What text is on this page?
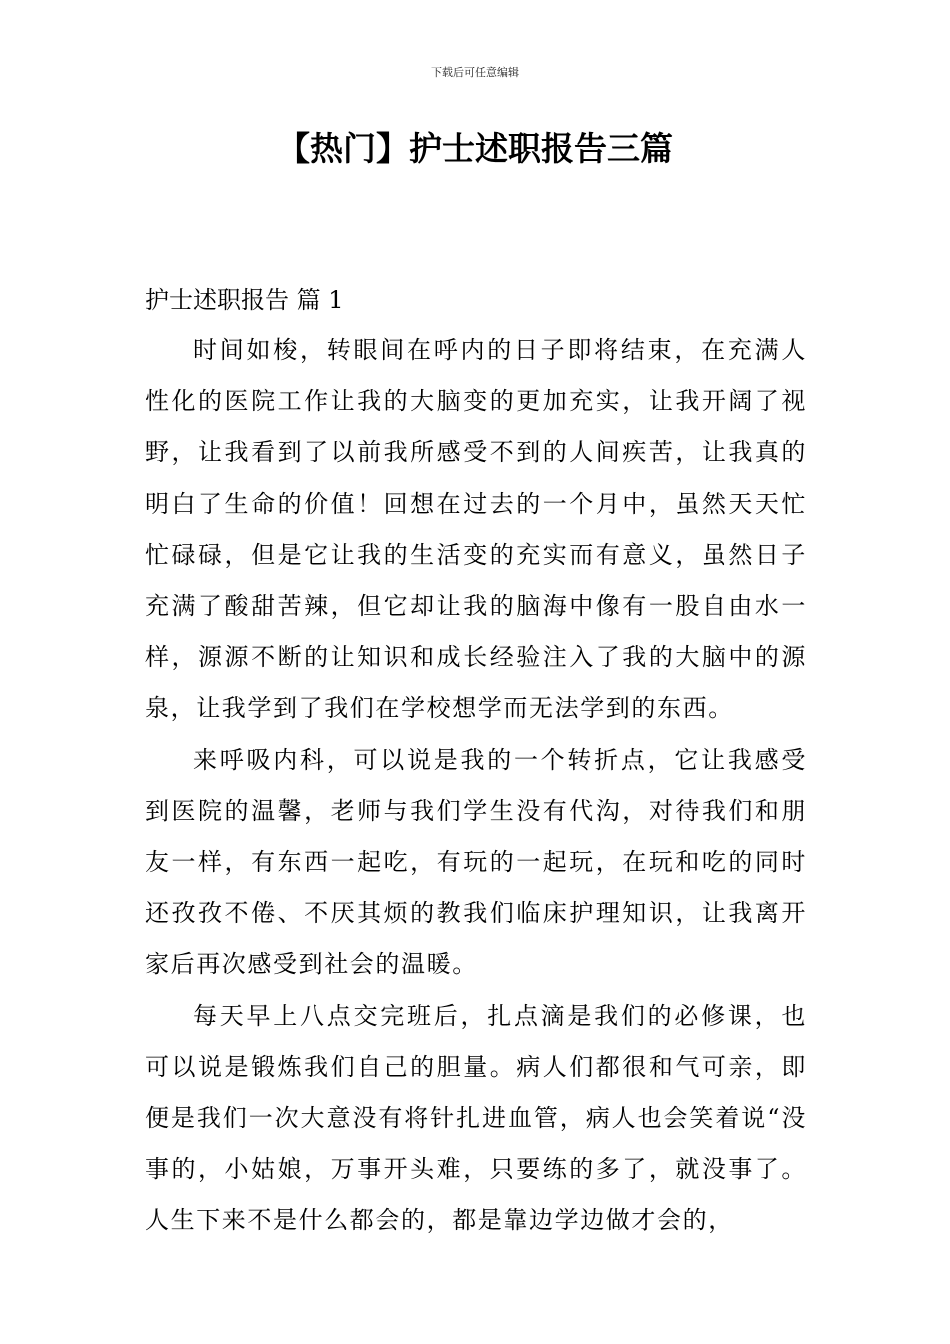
下载后可任意编辑
【热门】护士述职报告三篇
护士述职报告 篇 1

时间如梭，转眼间在呼内的日子即将结束，在充满人性化的医院工作让我的大脑变的更加充实，让我开阔了视野，让我看到了以前我所感受不到的人间疾苦，让我真的明白了生命的价值！回想在过去的一个月中，虽然天天忙忙碌碌，但是它让我的生活变的充实而有意义，虽然日子充满了酸甜苦辣，但它却让我的脑海中像有一股自由水一样，源源不断的让知识和成长经验注入了我的大脑中的源泉，让我学到了我们在学校想学而无法学到的东西。

来呼吸内科，可以说是我的一个转折点，它让我感受到医院的温馨，老师与我们学生没有代沟，对待我们和朋友一样，有东西一起吃，有玩的一起玩，在玩和吃的同时还孜孜不倦、不厌其烦的教我们临床护理知识，让我离开家后再次感受到社会的温暖。

每天早上八点交完班后，扎点滴是我们的必修课，也可以说是锻炼我们自己的胆量。病人们都很和气可亲，即便是我们一次大意没有将针扎进血管，病人也会笑着说“没事的，小姑娘，万事开头难，只要练的多了，就没事了。人生下来不是什么都会的，都是靠边学边做才会的，
